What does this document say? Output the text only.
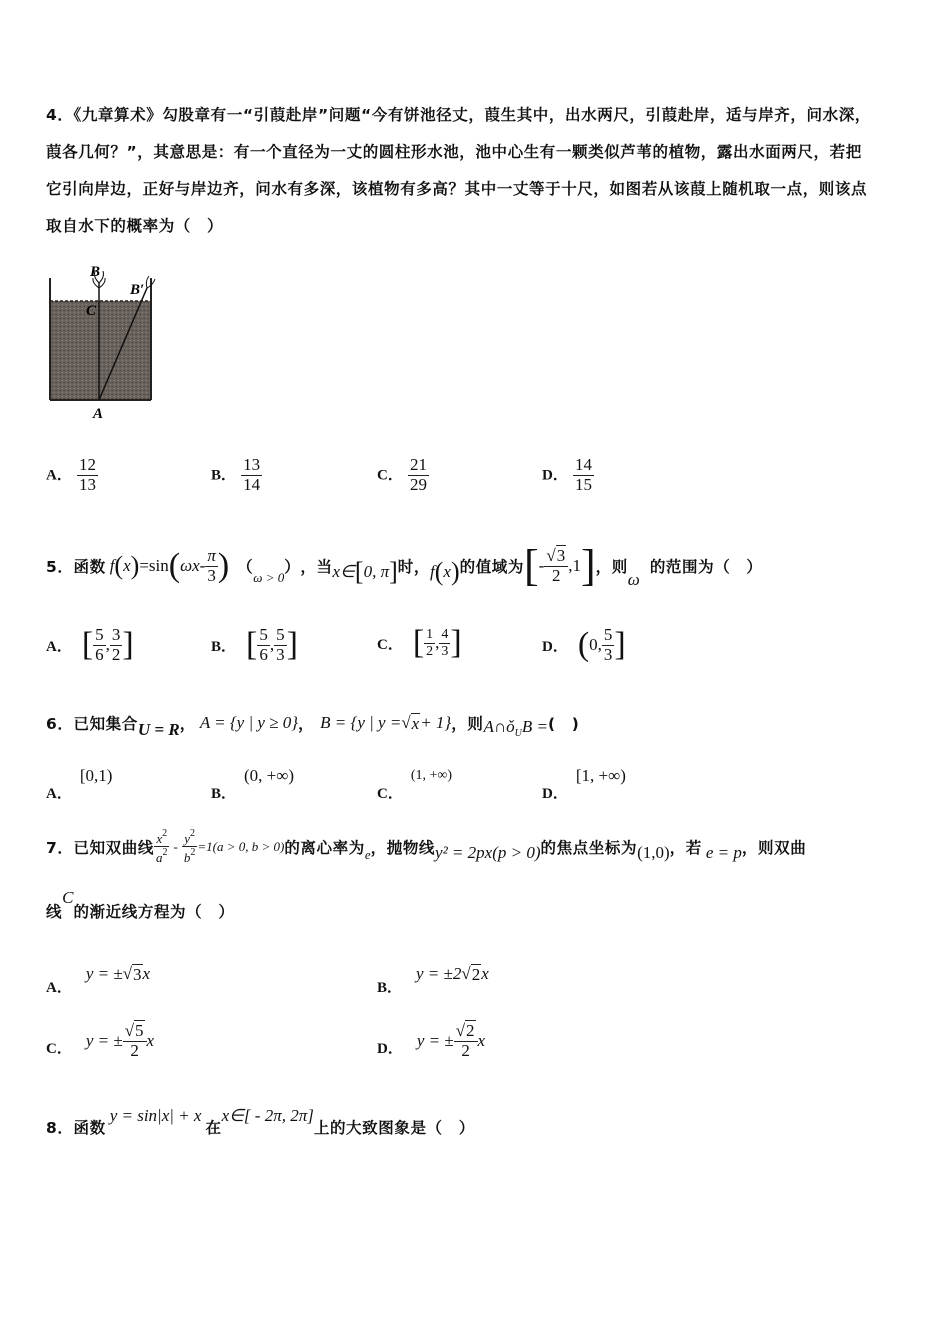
4．《九章算术》勾股章有一“引葭赴岸”问题“今有饼池径丈，葭生其中，出水两尺，引葭赴岸，适与岸齐，问水深，
葭各几何？”，其意思是：有一个直径为一丈的圆柱形水池，池中心生有一颗类似芦苇的植物，露出水面两尺，若把
它引向岸边，正好与岸边齐，问水有多深，该植物有多高？其中一丈等于十尺，如图若从该葭上随机取一点，则该点
取自水下的概率为（　）
B
B′
C
A
A． $\frac{12}{13}$	B． $\frac{13}{14}$	C． $\frac{21}{29}$	D． $\frac{14}{15}$
5．函数 f ( x ) =sin ( ωx - $\frac{\pi}{3}$ ) （
ω > 0
） ，当 x∈ [ 0, π ] 时， f ( x ) 的值域为 [ - $\frac{√3}{2} ,1$ ] ，则
ω
的范围为（　）
A． [ $\frac{5}{6}$ , $\frac{3}{2}$ ]	B． [ $\frac{5}{6}$ , $\frac{5}{3}$ ]	C． [ $\frac{1}{2}$ , $\frac{4}{3}$ ]	D． ( 0, $\frac{5}{3}$ ]
6．已知集合 U = R ， A = {y | y ≥ 0} ， B = {y | y = √ x + 1} ，则 A∩ǒ U B = (　)
A．
[0,1)
B．
(0, +∞)
C．
(1, +∞)
D．
[1, +∞)
7．已知双曲线 $\frac{x^2}{a^2} - \frac{y^2}{b^2} =1(a > 0$, b > 0) 的离心率为 e ，抛物线 y² = 2px(p > 0) 的焦点坐标为 (1,0) ，若 e = p ，则双曲
线
C
的渐近线方程为（　）
A．
y = ± √ 3 x
B．
y = ±2 √ 2 x
C． y = ± $\frac{√5}{2}$ x	D． y = ± $\frac{√2}{2}$ x
8．函数
y = sin|x| + x
在
x∈[ - 2π, 2π]
上的大致图象是（　）
